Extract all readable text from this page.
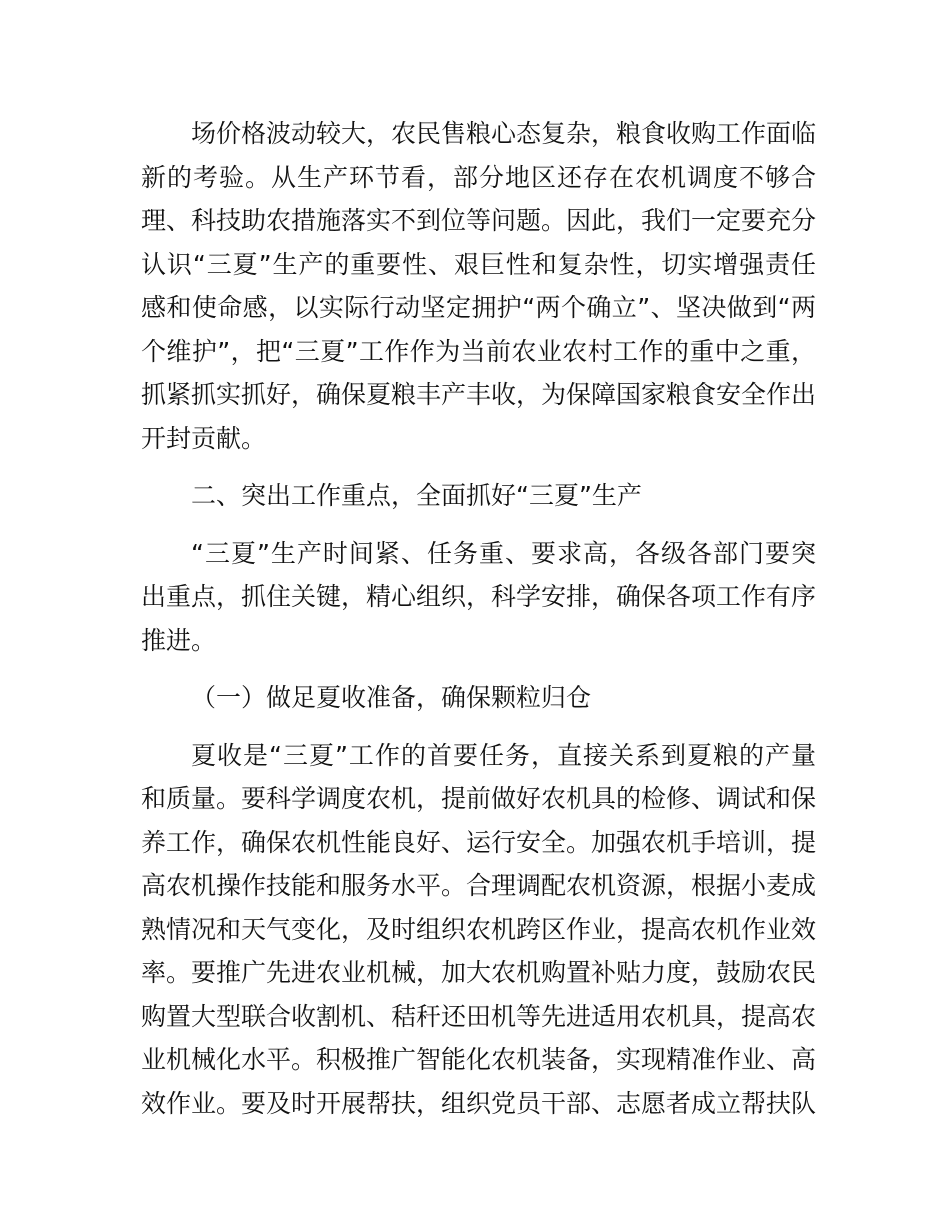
场价格波动较大，农民售粮心态复杂，粮食收购工作面临新的考验。从生产环节看，部分地区还存在农机调度不够合理、科技助农措施落实不到位等问题。因此，我们一定要充分认识“三夏”生产的重要性、艰巨性和复杂性，切实增强责任感和使命感，以实际行动坚定拥护“两个确立”、坚决做到“两个维护”，把“三夏”工作作为当前农业农村工作的重中之重，抓紧抓实抓好，确保夏粮丰产丰收，为保障国家粮食安全作出开封贡献。

二、突出工作重点，全面抓好“三夏”生产

“三夏”生产时间紧、任务重、要求高，各级各部门要突出重点，抓住关键，精心组织，科学安排，确保各项工作有序推进。

（一）做足夏收准备，确保颗粒归仓

夏收是“三夏”工作的首要任务，直接关系到夏粮的产量和质量。要科学调度农机，提前做好农机具的检修、调试和保养工作，确保农机性能良好、运行安全。加强农机手培训，提高农机操作技能和服务水平。合理调配农机资源，根据小麦成熟情况和天气变化，及时组织农机跨区作业，提高农机作业效率。要推广先进农业机械，加大农机购置补贴力度，鼓励农民购置大型联合收割机、秸秆还田机等先进适用农机具，提高农业机械化水平。积极推广智能化农机装备，实现精准作业、高效作业。要及时开展帮扶，组织党员干部、志愿者成立帮扶队
